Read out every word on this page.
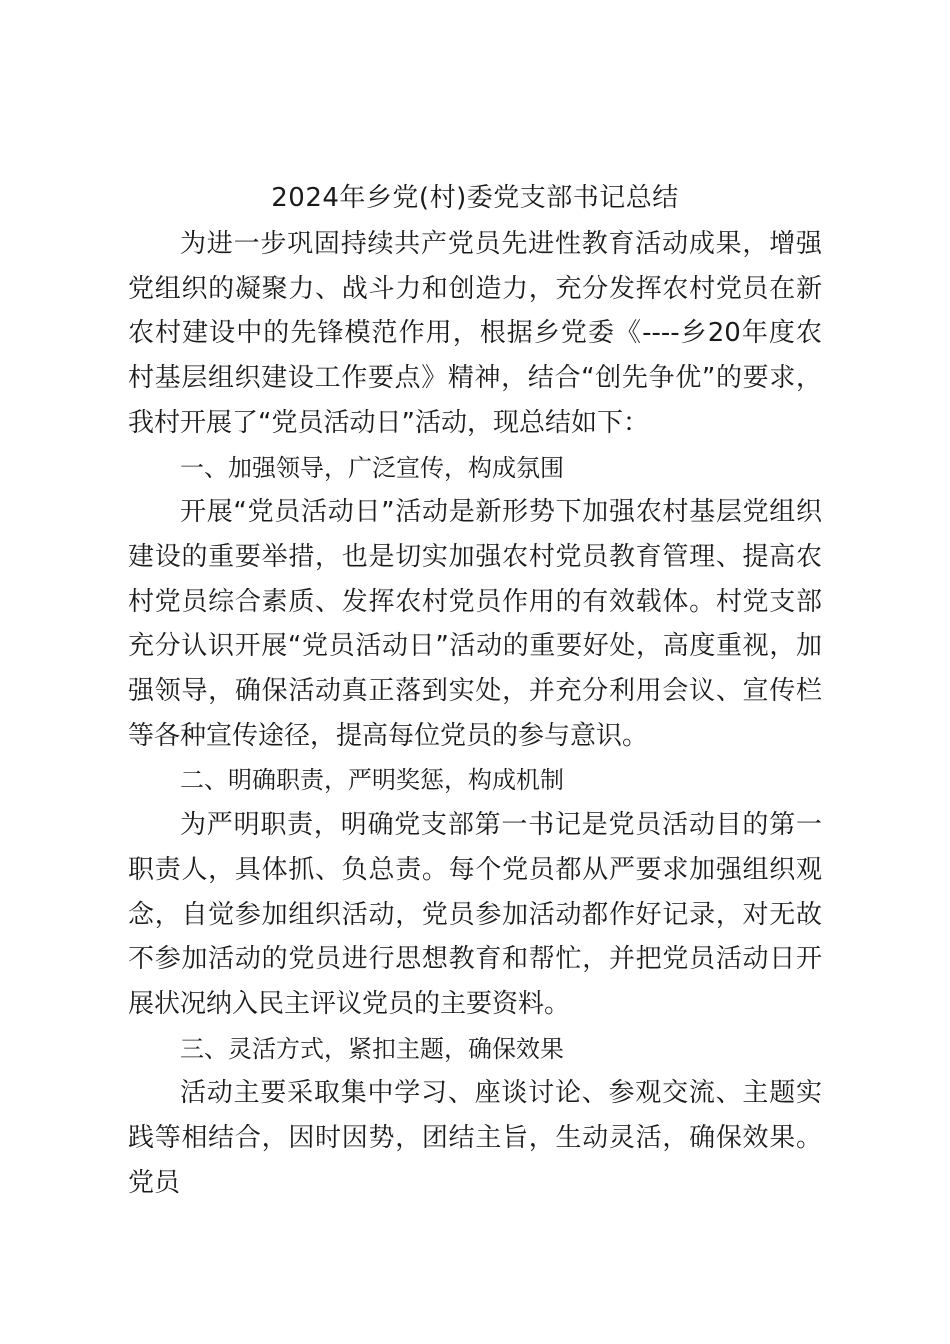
2024年乡党(村)委党支部书记总结

为进一步巩固持续共产党员先进性教育活动成果，增强党组织的凝聚力、战斗力和创造力，充分发挥农村党员在新农村建设中的先锋模范作用，根据乡党委《----乡20年度农村基层组织建设工作要点》精神，结合“创先争优”的要求，我村开展了“党员活动日”活动，现总结如下：

一、加强领导，广泛宣传，构成氛围

开展“党员活动日”活动是新形势下加强农村基层党组织建设的重要举措，也是切实加强农村党员教育管理、提高农村党员综合素质、发挥农村党员作用的有效载体。村党支部充分认识开展“党员活动日”活动的重要好处，高度重视，加强领导，确保活动真正落到实处，并充分利用会议、宣传栏等各种宣传途径，提高每位党员的参与意识。

二、明确职责，严明奖惩，构成机制

为严明职责，明确党支部第一书记是党员活动目的第一职责人，具体抓、负总责。每个党员都从严要求加强组织观念，自觉参加组织活动，党员参加活动都作好记录，对无故不参加活动的党员进行思想教育和帮忙，并把党员活动日开展状况纳入民主评议党员的主要资料。

三、灵活方式，紧扣主题，确保效果

活动主要采取集中学习、座谈讨论、参观交流、主题实践等相结合，因时因势，团结主旨，生动灵活，确保效果。党员
